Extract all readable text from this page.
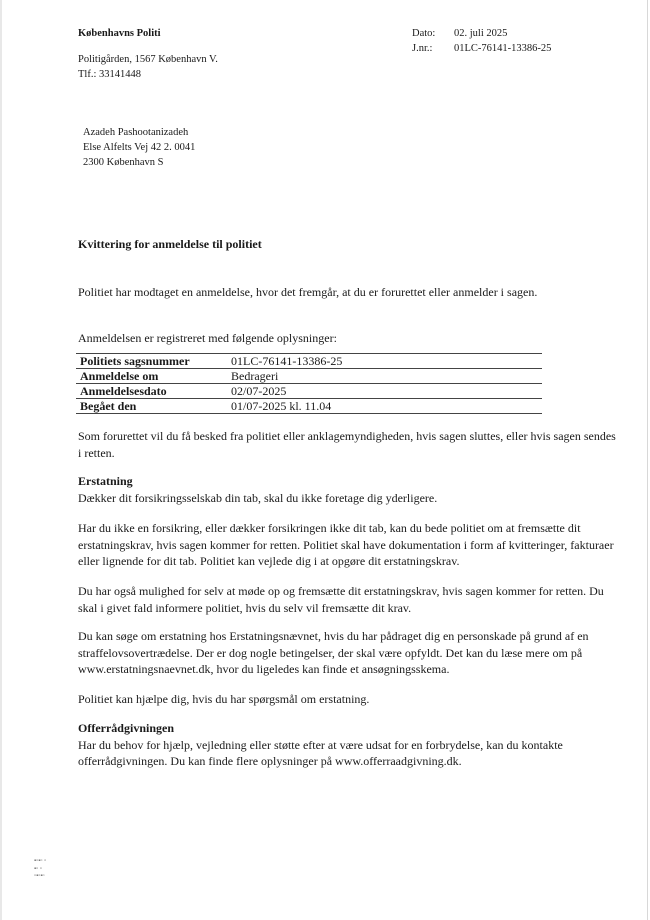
Københavns Politi
Politigården, 1567 København V.
Tlf.: 33141448
Dato:	02. juli 2025
J.nr.:	01LC-76141-13386-25
Azadeh Pashootanizadeh
Else Alfelts Vej 42 2. 0041
2300 København S
Kvittering for anmeldelse til politiet
Politiet har modtaget en anmeldelse, hvor det fremgår, at du er forurettet eller anmelder i sagen.
Anmeldelsen er registreret med følgende oplysninger:
Politiets sagsnummer	01LC-76141-13386-25
Anmeldelse om	Bedrageri
Anmeldelsesdato	02/07-2025
Begået den	01/07-2025 kl. 11.04
Som forurettet vil du få besked fra politiet eller anklagemyndigheden, hvis sagen sluttes, eller hvis sagen sendes i retten.
Erstatning
Dækker dit forsikringsselskab din tab, skal du ikke foretage dig yderligere.
Har du ikke en forsikring, eller dækker forsikringen ikke dit tab, kan du bede politiet om at fremsætte dit erstatningskrav, hvis sagen kommer for retten. Politiet skal have dokumentation i form af kvitteringer, fakturaer eller lignende for dit tab. Politiet kan vejlede dig i at opgøre dit erstatningskrav.
Du har også mulighed for selv at møde op og fremsætte dit erstatningskrav, hvis sagen kommer for retten. Du skal i givet fald informere politiet, hvis du selv vil fremsætte dit krav.
Du kan søge om erstatning hos Erstatningsnævnet, hvis du har pådraget dig en personskade på grund af en straffelovsovertrædelse. Der er dog nogle betingelser, der skal være opfyldt. Det kan du læse mere om på www.erstatningsnaevnet.dk, hvor du ligeledes kan finde et ansøgningsskema.
Politiet kan hjælpe dig, hvis du har spørgsmål om erstatning.
Offerrådgivningen
Har du behov for hjælp, vejledning eller støtte efter at være udsat for en forbrydelse, kan du kontakte offerrådgivningen. Du kan finde flere oplysninger på www.offerraadgivning.dk.
▪▫▪▫ ▫
▪▫ ▫
▫▪▫▪▫
